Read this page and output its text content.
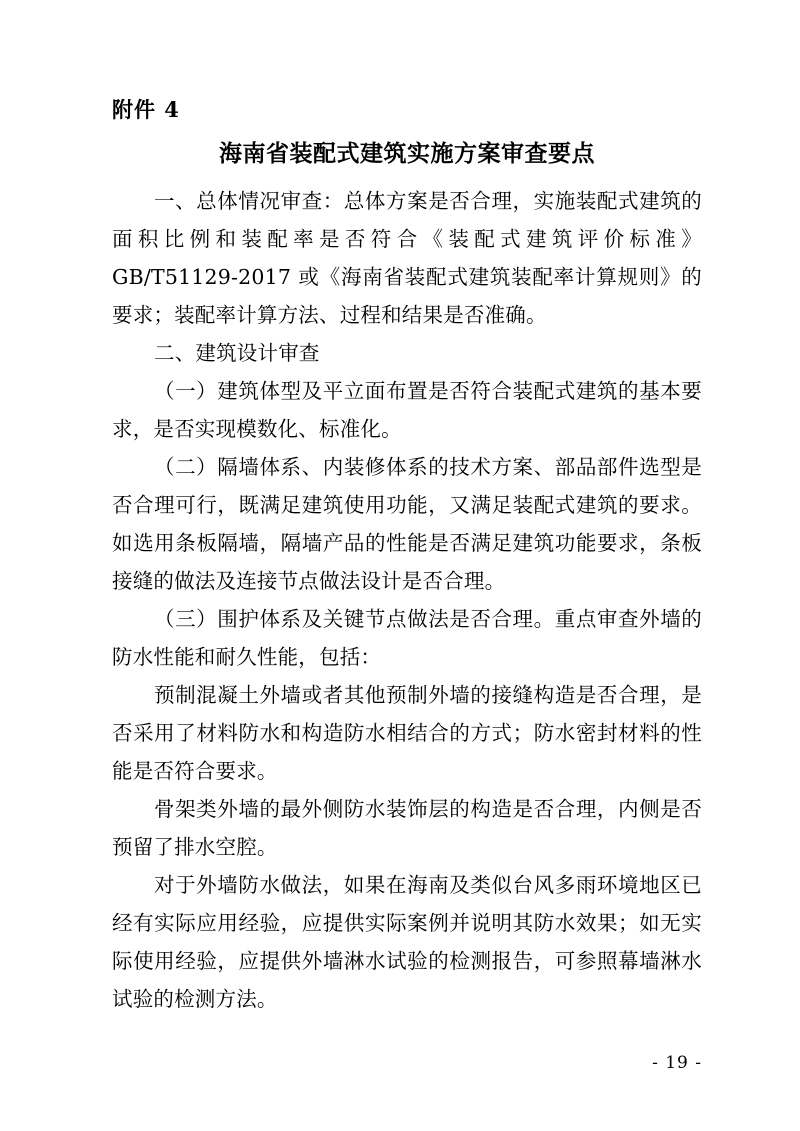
附件 4
海南省装配式建筑实施方案审查要点

一、总体情况审查：总体方案是否合理，实施装配式建筑的面积比例和装配率是否符合《装配式建筑评价标准》GB/T51129-2017 或《海南省装配式建筑装配率计算规则》的要求；装配率计算方法、过程和结果是否准确。

二、建筑设计审查

（一）建筑体型及平立面布置是否符合装配式建筑的基本要求，是否实现模数化、标准化。

（二）隔墙体系、内装修体系的技术方案、部品部件选型是否合理可行，既满足建筑使用功能，又满足装配式建筑的要求。如选用条板隔墙，隔墙产品的性能是否满足建筑功能要求，条板接缝的做法及连接节点做法设计是否合理。

（三）围护体系及关键节点做法是否合理。重点审查外墙的防水性能和耐久性能，包括：

预制混凝土外墙或者其他预制外墙的接缝构造是否合理，是否采用了材料防水和构造防水相结合的方式；防水密封材料的性能是否符合要求。

骨架类外墙的最外侧防水装饰层的构造是否合理，内侧是否预留了排水空腔。

对于外墙防水做法，如果在海南及类似台风多雨环境地区已经有实际应用经验，应提供实际案例并说明其防水效果；如无实际使用经验，应提供外墙淋水试验的检测报告，可参照幕墙淋水试验的检测方法。

- 19 -
